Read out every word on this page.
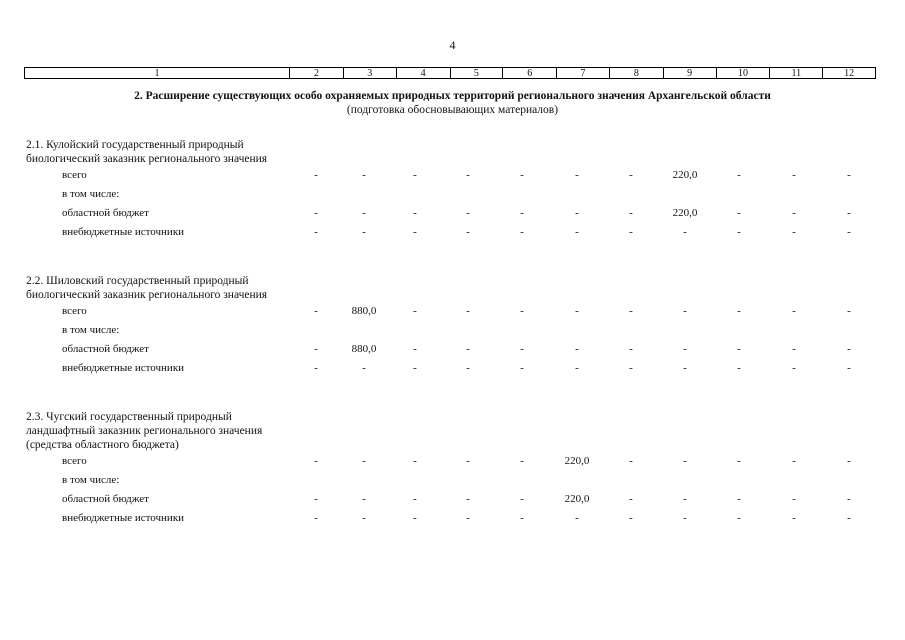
4
1	2	3	4	5	6	7	8	9	10	11	12
2. Расширение существующих особо охраняемых природных территорий регионального значения Архангельской области
(подготовка обосновывающих материалов)
2.1. Кулойский государственный природный биологический заказник регионального значения
всего	-	-	-	-	-	-	-	220,0	-	-	-
в том числе:
областной бюджет	-	-	-	-	-	-	-	220,0	-	-	-
внебюджетные источники	-	-	-	-	-	-	-	-	-	-	-
2.2. Шиловский государственный природный биологический заказник регионального значения
всего	-	880,0	-	-	-	-	-	-	-	-	-
в том числе:
областной бюджет	-	880,0	-	-	-	-	-	-	-	-	-
внебюджетные источники	-	-	-	-	-	-	-	-	-	-	-
2.3. Чугский государственный природный ландшафтный заказник регионального значения (средства областного бюджета)
всего	-	-	-	-	-	220,0	-	-	-	-	-
в том числе:
областной бюджет	-	-	-	-	-	220,0	-	-	-	-	-
внебюджетные источники	-	-	-	-	-	-	-	-	-	-	-
